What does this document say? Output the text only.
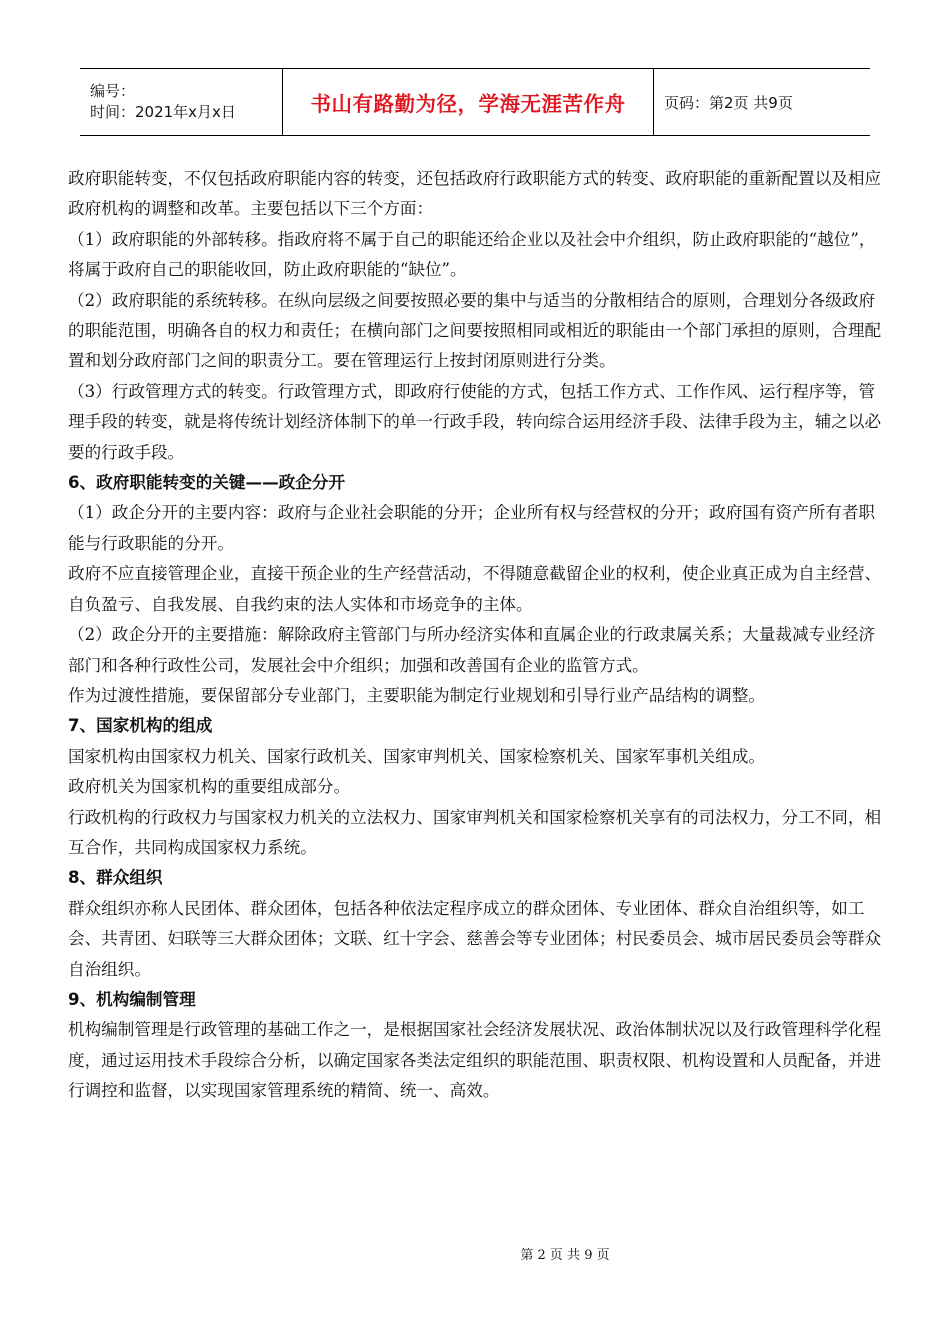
编号：
时间：2021年x月x日	书山有路勤为径，学海无涯苦作舟	页码：第2页 共9页

政府职能转变，不仅包括政府职能内容的转变，还包括政府行政职能方式的转变、政府职能的重新配置以及相应政府机构的调整和改革。主要包括以下三个方面：

（1）政府职能的外部转移。指政府将不属于自己的职能还给企业以及社会中介组织，防止政府职能的“越位”，将属于政府自己的职能收回，防止政府职能的“缺位”。

（2）政府职能的系统转移。在纵向层级之间要按照必要的集中与适当的分散相结合的原则，合理划分各级政府的职能范围，明确各自的权力和责任；在横向部门之间要按照相同或相近的职能由一个部门承担的原则，合理配置和划分政府部门之间的职责分工。要在管理运行上按封闭原则进行分类。

（3）行政管理方式的转变。行政管理方式，即政府行使能的方式，包括工作方式、工作作风、运行程序等，管理手段的转变，就是将传统计划经济体制下的单一行政手段，转向综合运用经济手段、法律手段为主，辅之以必要的行政手段。

6、政府职能转变的关键——政企分开

（1）政企分开的主要内容：政府与企业社会职能的分开；企业所有权与经营权的分开；政府国有资产所有者职能与行政职能的分开。

政府不应直接管理企业，直接干预企业的生产经营活动，不得随意截留企业的权利，使企业真正成为自主经营、自负盈亏、自我发展、自我约束的法人实体和市场竞争的主体。

（2）政企分开的主要措施：解除政府主管部门与所办经济实体和直属企业的行政隶属关系；大量裁减专业经济部门和各种行政性公司，发展社会中介组织；加强和改善国有企业的监管方式。

作为过渡性措施，要保留部分专业部门，主要职能为制定行业规划和引导行业产品结构的调整。

7、国家机构的组成

国家机构由国家权力机关、国家行政机关、国家审判机关、国家检察机关、国家军事机关组成。

政府机关为国家机构的重要组成部分。

行政机构的行政权力与国家权力机关的立法权力、国家审判机关和国家检察机关享有的司法权力，分工不同，相互合作，共同构成国家权力系统。

8、群众组织

群众组织亦称人民团体、群众团体，包括各种依法定程序成立的群众团体、专业团体、群众自治组织等，如工会、共青团、妇联等三大群众团体；文联、红十字会、慈善会等专业团体；村民委员会、城市居民委员会等群众自治组织。

9、机构编制管理

机构编制管理是行政管理的基础工作之一，是根据国家社会经济发展状况、政治体制状况以及行政管理科学化程度，通过运用技术手段综合分析，以确定国家各类法定组织的职能范围、职责权限、机构设置和人员配备，并进行调控和监督，以实现国家管理系统的精简、统一、高效。

第 2 页 共 9 页
